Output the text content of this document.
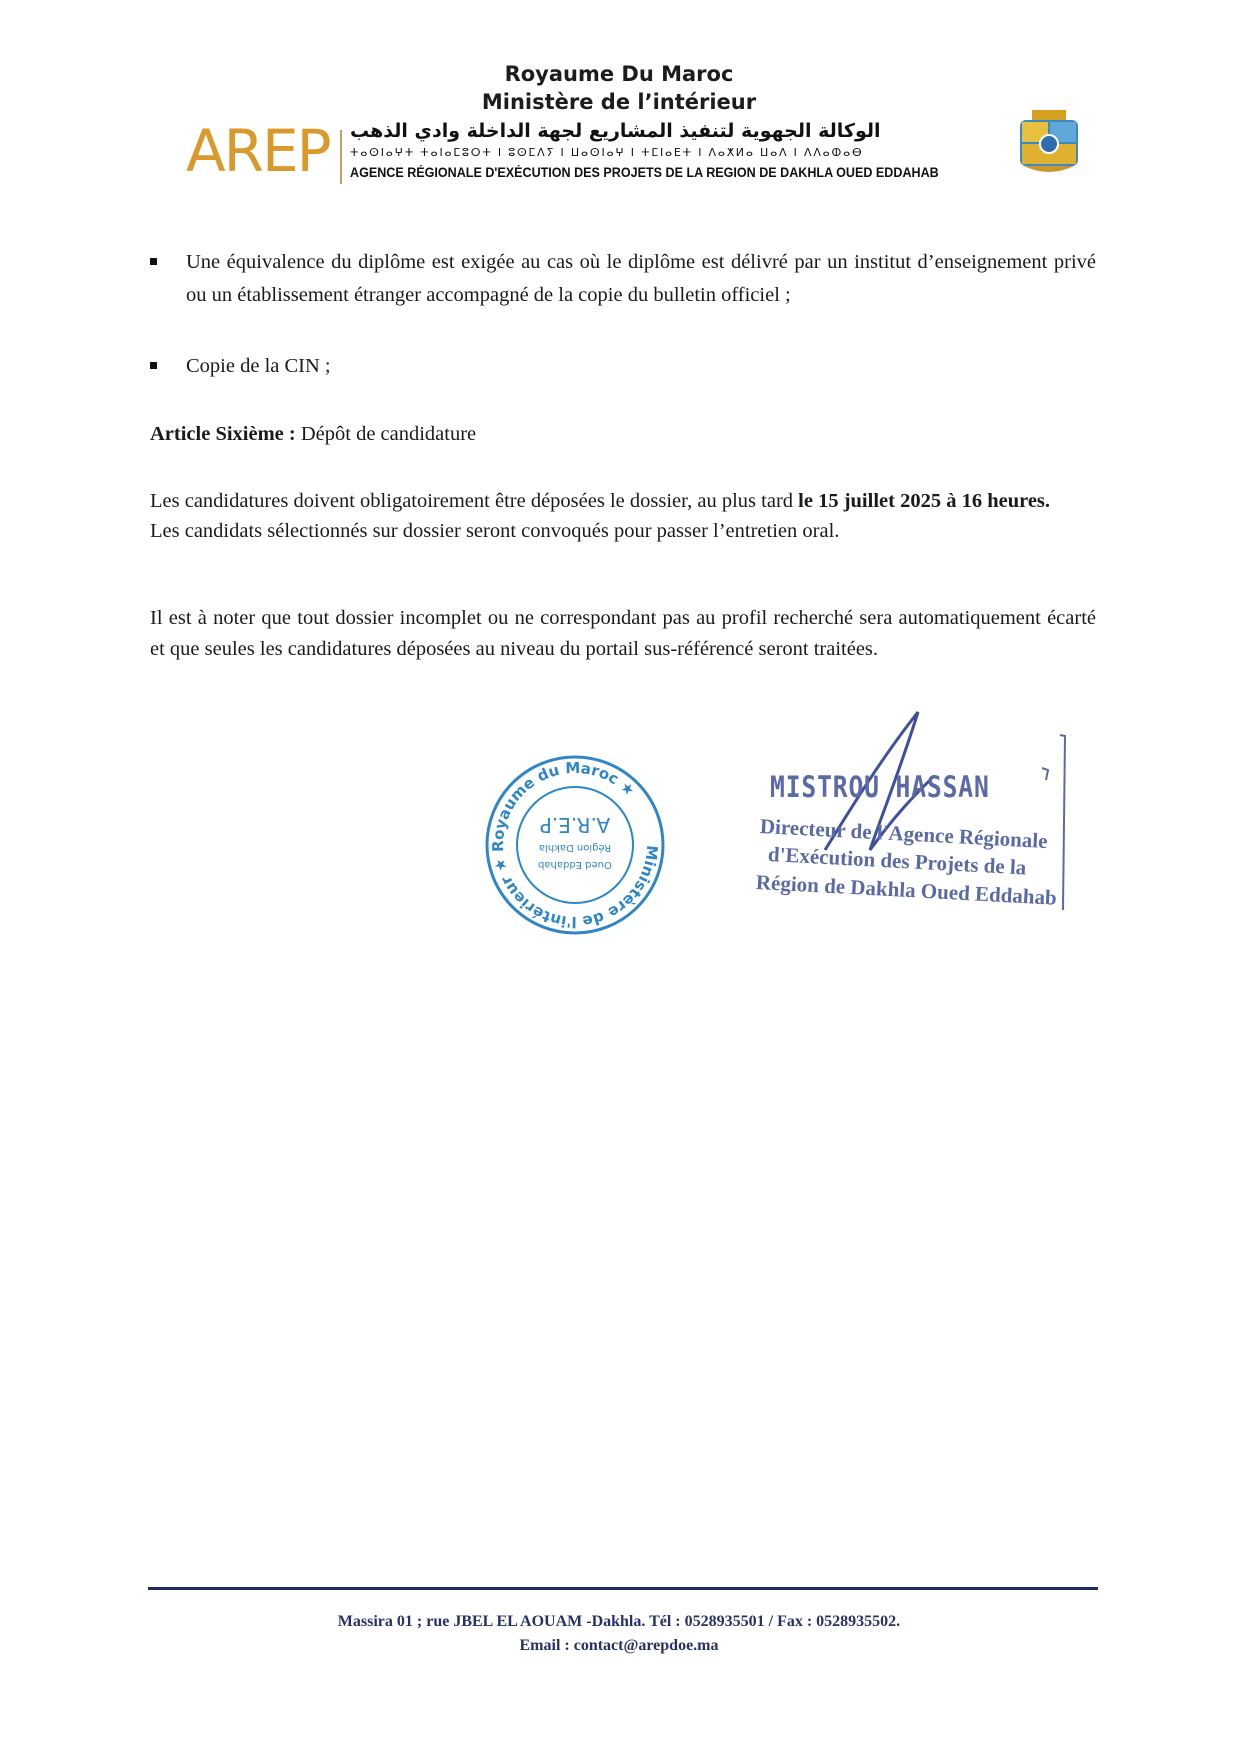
Royaume Du Maroc
Ministère de l’intérieur
AREP الوكالة الجهوية لتنفيذ المشاريع لجهة الداخلة وادي الذهب
ⵜⴰⵙⵏⴰⵖⵜ ⵜⴰⵏⴰⵎⵓⵔⵜ ⵏ ⵓⵙⵎⴷⵢ ⵏ ⵡⴰⵙⵏⴰⵖ ⵏ ⵜⵎⵏⴰⴹⵜ ⵏ ⴷⴰⵅⵍⴰ ⵡⴰⴷ ⵏ ⴷⴷⴰⵀⴰⴱ
AGENCE RÉGIONALE D'EXÉCUTION DES PROJETS DE LA REGION DE DAKHLA OUED EDDAHAB
Une équivalence du diplôme est exigée au cas où le diplôme est délivré par un institut d’enseignement privé ou un établissement étranger accompagné de la copie du bulletin officiel ;
Copie de la CIN ;
Article Sixième : Dépôt de candidature
Les candidatures doivent obligatoirement être déposées le dossier, au plus tard le 15 juillet 2025 à 16 heures.
Les candidats sélectionnés sur dossier seront convoqués pour passer l’entretien oral.
Il est à noter que tout dossier incomplet ou ne correspondant pas au profil recherché sera automatiquement écarté et que seules les candidatures déposées au niveau du portail sus-référencé seront traitées.
Ministère de l'intérieur ★ Royaume du Maroc ★
Oued Eddahab
Région Dakhla
A.R.E.P
MISTROU HASSAN
Directeur de l'Agence Régionale
d'Exécution des Projets de la
Région de Dakhla Oued Eddahab
Massira 01 ; rue JBEL EL AOUAM -Dakhla. Tél : 0528935501 / Fax : 0528935502.
Email : contact@arepdoe.ma
